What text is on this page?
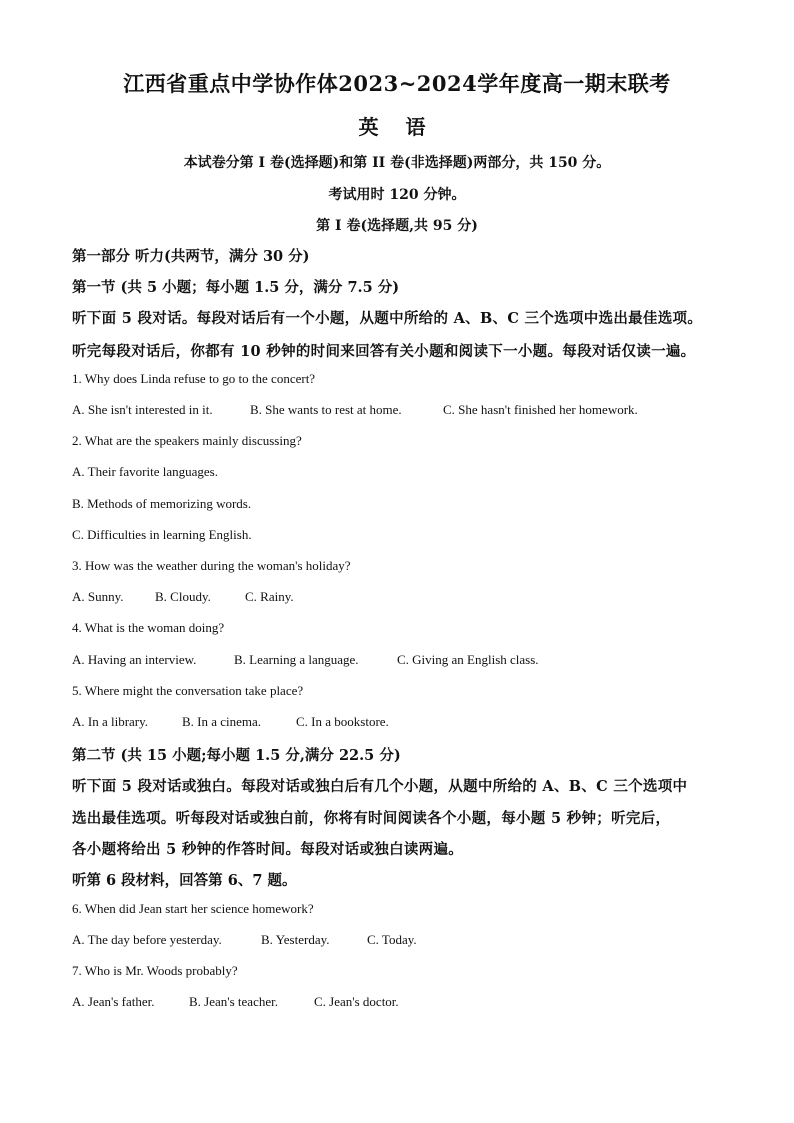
江西省重点中学协作体2023~2024学年度高一期末联考
英 语
本试卷分第 I 卷(选择题)和第 II 卷(非选择题)两部分，共 150 分。
考试用时 120 分钟。
第 I 卷(选择题,共 95 分)
第一部分 听力(共两节，满分 30 分)
第一节 (共 5 小题；每小题 1.5 分，满分 7.5 分)
听下面 5 段对话。每段对话后有一个小题，从题中所给的 A、B、C 三个选项中选出最佳选项。
听完每段对话后，你都有 10 秒钟的时间来回答有关小题和阅读下一小题。每段对话仅读一遍。
1. Why does Linda refuse to go to the concert?
A. She isn't interested in it.	B. She wants to rest at home.	C. She hasn't finished her homework.
2. What are the speakers mainly discussing?
A. Their favorite languages.
B. Methods of memorizing words.
C. Difficulties in learning English.
3. How was the weather during the woman's holiday?
A. Sunny. B. Cloudy.	C. Rainy.
4. What is the woman doing?
A. Having an interview.	B. Learning a language.	C. Giving an English class.
5. Where might the conversation take place?
A. In a library.	B. In a cinema.	C. In a bookstore.
第二节 (共 15 小题;每小题 1.5 分,满分 22.5 分)
听下面 5 段对话或独白。每段对话或独白后有几个小题，从题中所给的 A、B、C 三个选项中
选出最佳选项。听每段对话或独白前，你将有时间阅读各个小题，每小题 5 秒钟；听完后，
各小题将给出 5 秒钟的作答时间。每段对话或独白读两遍。
听第 6 段材料，回答第 6、7 题。
6. When did Jean start her science homework?
A. The day before yesterday.	B. Yesterday.	C. Today.
7. Who is Mr. Woods probably?
A. Jean's father.	B. Jean's teacher.	C. Jean's doctor.
